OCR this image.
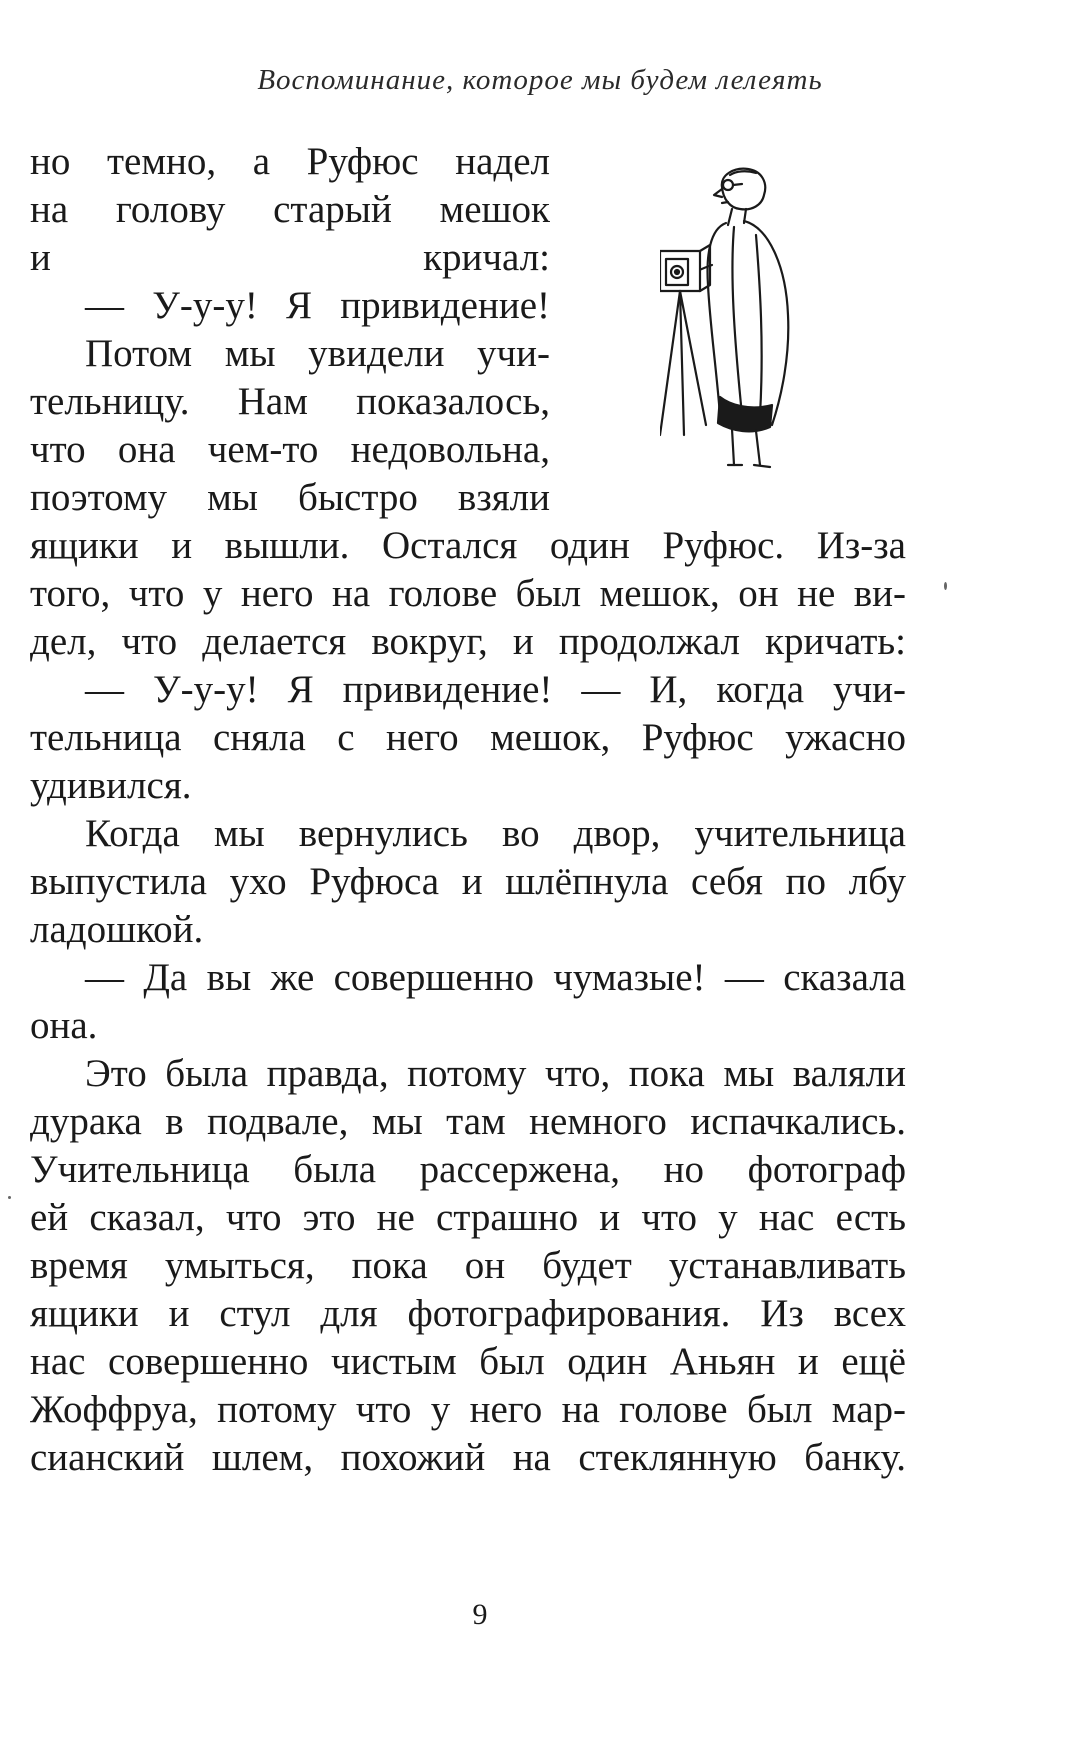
Воспоминание, которое мы будем лелеять
но темно, а Руфюс надел
на голову старый мешок
и кричал:
— У-у-у! Я привидение!
Потом мы увидели учи-
тельницу. Нам показалось,
что она чем-то недовольна,
поэтому мы быстро взяли
ящики и вышли. Остался один Руфюс. Из-за
того, что у него на голове был мешок, он не ви-
дел, что делается вокруг, и продолжал кричать:
— У-у-у! Я привидение! — И, когда учи-
тельница сняла с него мешок, Руфюс ужасно
удивился.
Когда мы вернулись во двор, учительница
выпустила ухо Руфюса и шлёпнула себя по лбу
ладошкой.
— Да вы же совершенно чумазые! — сказала
она.
Это была правда, потому что, пока мы валяли
дурака в подвале, мы там немного испачкались.
Учительница была рассержена, но фотограф
ей сказал, что это не страшно и что у нас есть
время умыться, пока он будет устанавливать
ящики и стул для фотографирования. Из всех
нас совершенно чистым был один Аньян и ещё
Жоффруа, потому что у него на голове был мар-
сианский шлем, похожий на стеклянную банку.
9
